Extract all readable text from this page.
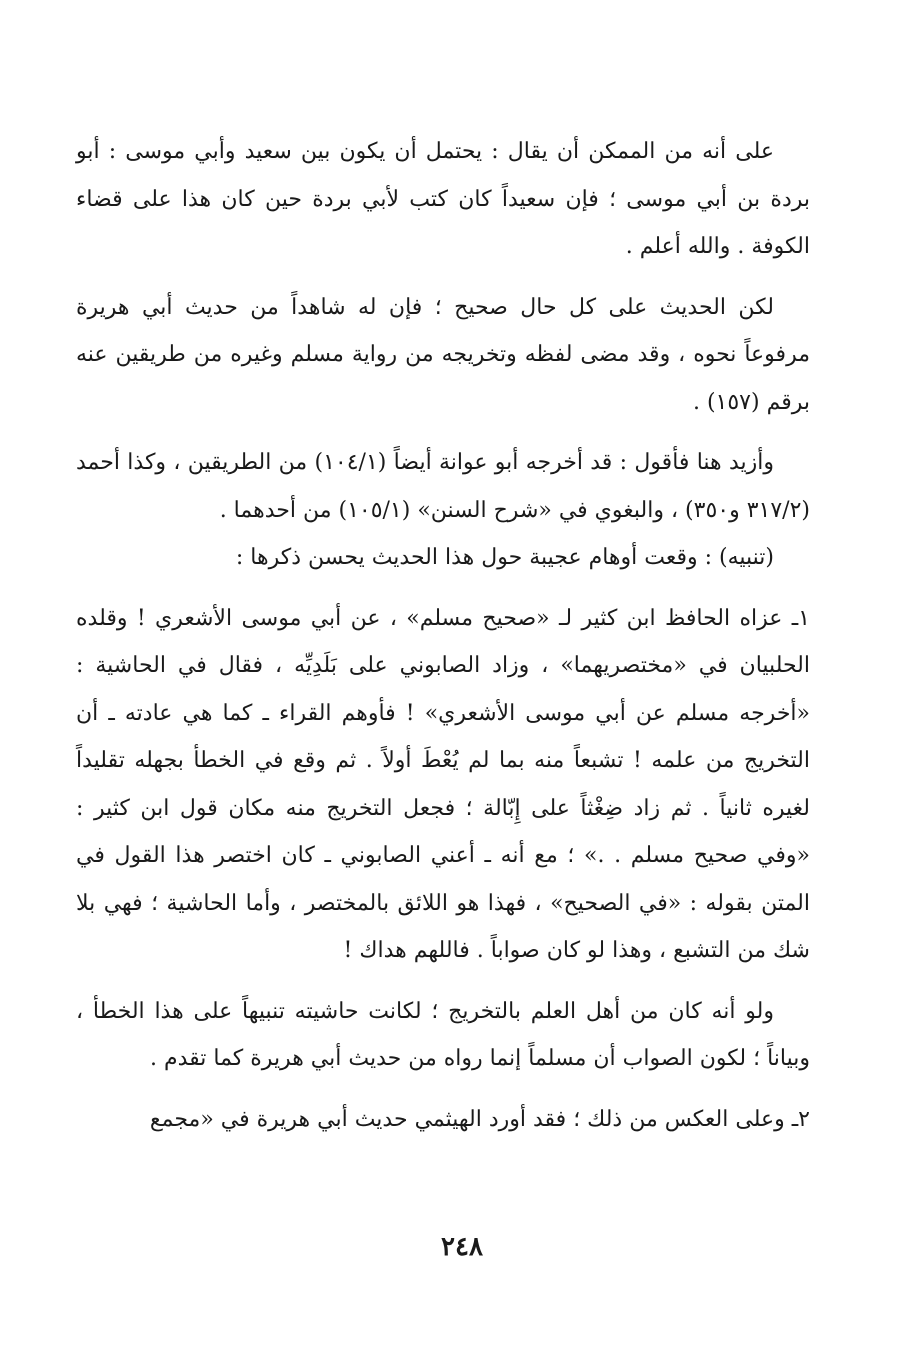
على أنه من الممكن أن يقال : يحتمل أن يكون بين سعيد وأبي موسى : أبو بردة بن أبي موسى ؛ فإن سعيداً كان كتب لأبي بردة حين كان هذا على قضاء الكوفة . والله أعلم .

لكن الحديث على كل حال صحيح ؛ فإن له شاهداً من حديث أبي هريرة مرفوعاً نحوه ، وقد مضى لفظه وتخريجه من رواية مسلم وغيره من طريقين عنه برقم (١٥٧) .

وأزيد هنا فأقول : قد أخرجه أبو عوانة أيضاً (١٠٤/١) من الطريقين ، وكذا أحمد (٣١٧/٢ و٣٥٠) ، والبغوي في «شرح السنن» (١٠٥/١) من أحدهما .

(تنبيه) : وقعت أوهام عجيبة حول هذا الحديث يحسن ذكرها :

١ـ عزاه الحافظ ابن كثير لـ «صحيح مسلم» ، عن أبي موسى الأشعري ! وقلده الحلبيان في «مختصريهما» ، وزاد الصابوني على بَلَدِيِّه ، فقال في الحاشية : «أخرجه مسلم عن أبي موسى الأشعري» ! فأوهم القراء ـ كما هي عادته ـ أن التخريج من علمه ! تشبعاً منه بما لم يُعْطَ أولاً . ثم وقع في الخطأ بجهله تقليداً لغيره ثانياً . ثم زاد ضِغْثاً على إِبّالة ؛ فجعل التخريج منه مكان قول ابن كثير : «وفي صحيح مسلم . .» ؛ مع أنه ـ أعني الصابوني ـ كان اختصر هذا القول في المتن بقوله : «في الصحيح» ، فهذا هو اللائق بالمختصر ، وأما الحاشية ؛ فهي بلا شك من التشبع ، وهذا لو كان صواباً . فاللهم هداك !

ولو أنه كان من أهل العلم بالتخريج ؛ لكانت حاشيته تنبيهاً على هذا الخطأ ، وبياناً ؛ لكون الصواب أن مسلماً إنما رواه من حديث أبي هريرة كما تقدم .

٢ـ وعلى العكس من ذلك ؛ فقد أورد الهيثمي حديث أبي هريرة في «مجمع

٢٤٨
